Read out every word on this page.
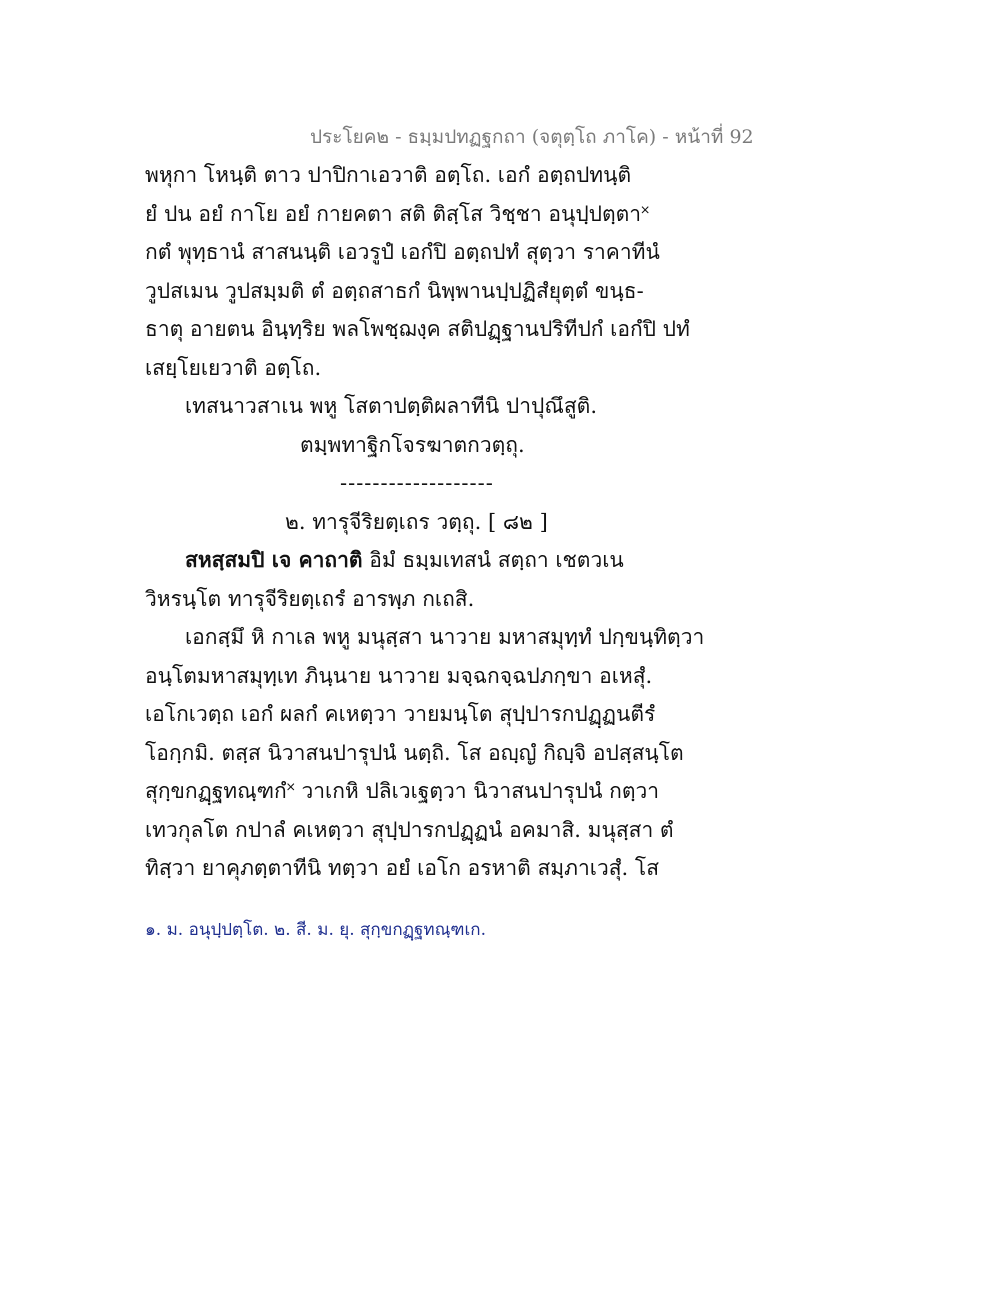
ประโยค๒ - ธมฺมปทฏฐกถา (จตุตฺโถ ภาโค) - หน้าที่ 92
พหุกา โหนฺติ ตาว ปาปิกาเอวาติ อตฺโถ. เอกํ อตฺถปทนฺติ
ยํ ปน อยํ กาโย อยํ กายคตา สติ ติสฺโส วิชฺชา อนุปฺปตฺตา˟
กตํ พุทฺธานํ สาสนนฺติ เอวรูปํ เอกํปิ อตฺถปทํ สุตฺวา ราคาทีนํ
วูปสเมน วูปสมฺมติ ตํ อตฺถสาธกํ นิพฺพานปฺปฏิสํยุตฺตํ ขนฺธ-
ธาตุ อายตน อินฺทฺริย พลโพชฺฌงฺค สติปฏฺฐานปริทีปกํ เอกํปิ ปทํ
เสยฺโยเยวาติ อตฺโถ.
เทสนาวสาเน พหู โสตาปตฺติผลาทีนิ ปาปุณึสูติ.
ตมฺพทาฐิกโจรฆาตกวตฺถุ.
-------------------
๒. ทารุจีริยตฺเถร วตฺถุ. [ ๘๒ ]
สหสฺสมปิ เจ คาถาติ อิมํ ธมฺมเทสนํ สตฺถา เชตวเน
วิหรนฺโต ทารุจีริยตฺเถรํ อารพฺภ กเถสิ.
เอกสฺมึ หิ กาเล พหู มนุสฺสา นาวาย มหาสมุทฺทํ ปกฺขนฺทิตฺวา
อนฺโตมหาสมุทฺเท ภินฺนาย นาวาย มจฺฉกจฺฉปภกฺขา อเหสุํ.
เอโกเวตฺถ เอกํ ผลกํ คเหตฺวา วายมนฺโต สุปฺปารกปฏฺฏนตีรํ
โอกฺกมิ. ตสฺส นิวาสนปารุปนํ นตฺถิ. โส อญฺญํ กิญฺจิ อปสฺสนฺโต
สุกฺขกฏฺฐทณฺฑกํ˟ วาเกหิ ปลิเวเฐตฺวา นิวาสนปารุปนํ กตฺวา
เทวกุลโต กปาลํ คเหตฺวา สุปฺปารกปฏฺฏนํ อคมาสิ. มนุสฺสา ตํ
ทิสฺวา ยาคุภตฺตาทีนิ ทตฺวา อยํ เอโก อรหาติ สมฺภาเวสุํ. โส
๑. ม. อนุปฺปตฺโต. ๒. สี. ม. ยุ. สุกฺขกฏฺฐทณฺฑเก.
